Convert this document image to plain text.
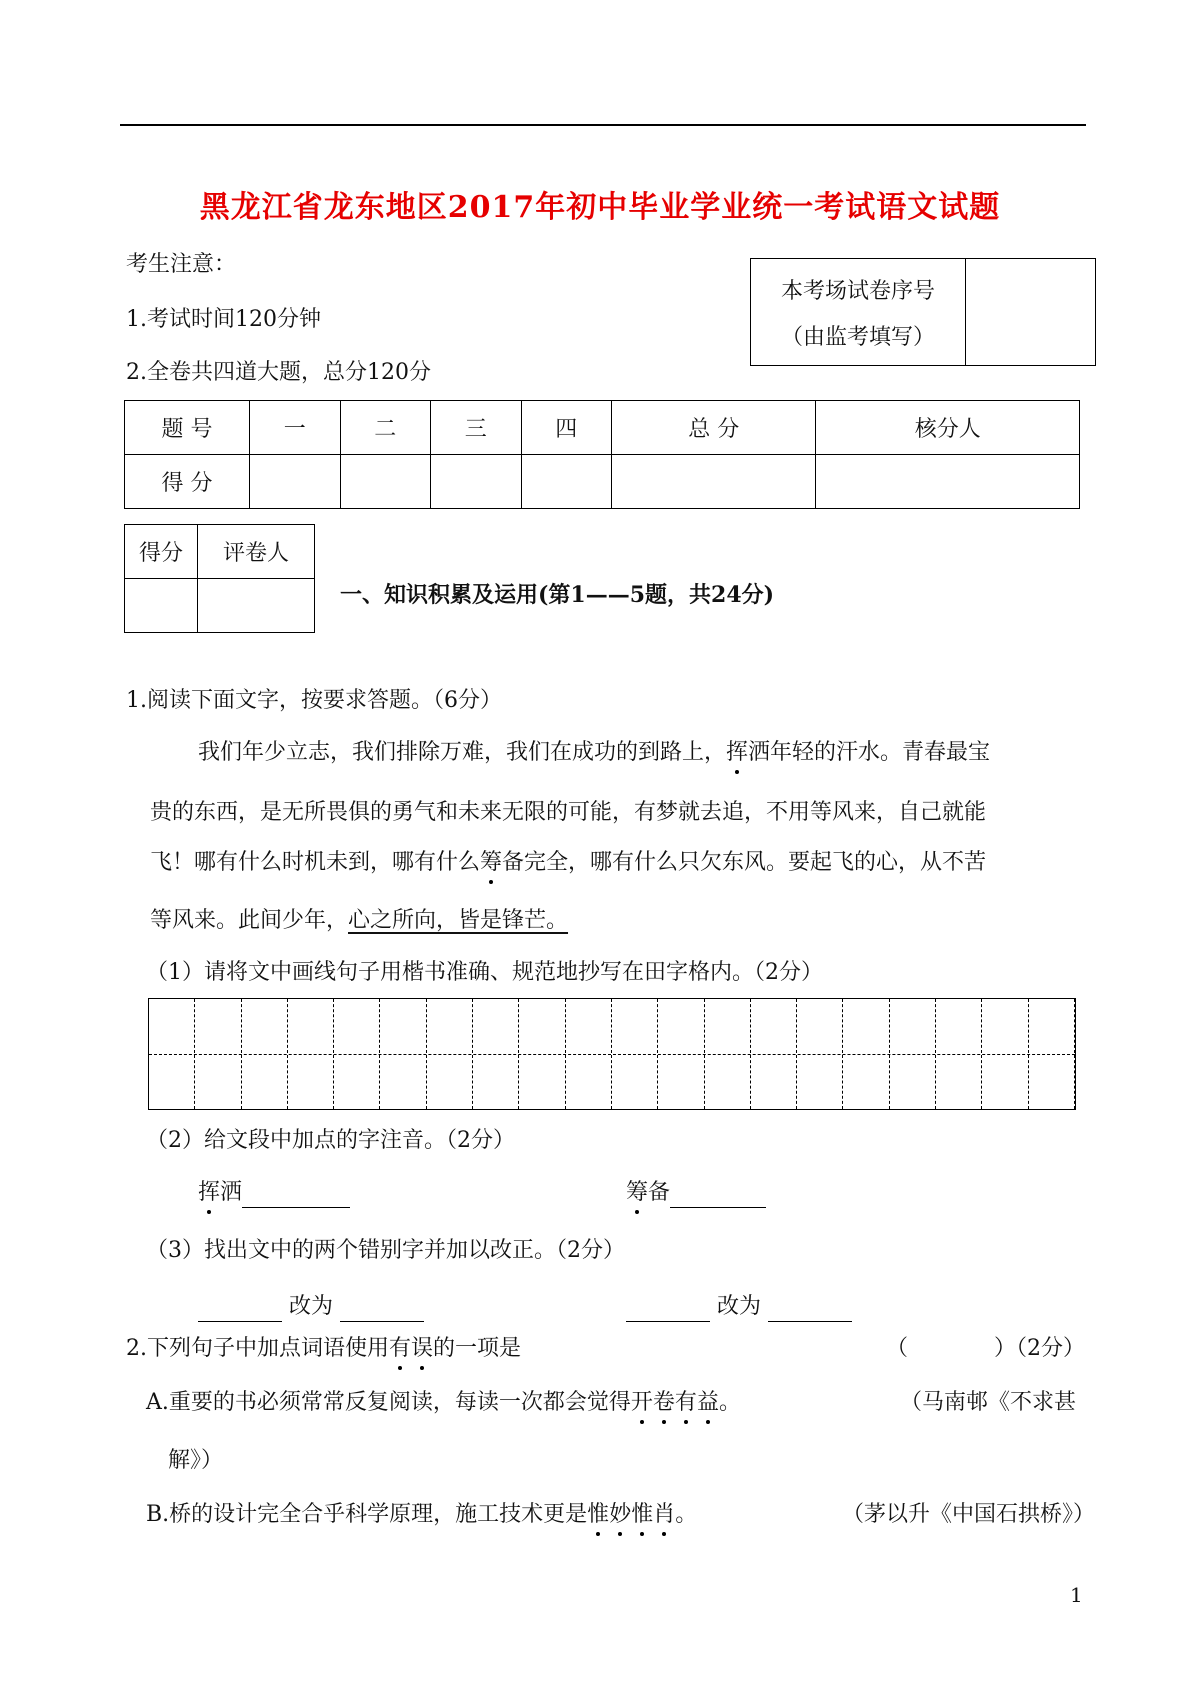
黑龙江省龙东地区2017年初中毕业学业统一考试语文试题
考生注意：
1.考试时间120分钟
2.全卷共四道大题，总分120分
本考场试卷序号
（由监考填写）

题 号	一	二	三	四	总 分	核分人
得 分						
得分	评卷人

一、知识积累及运用(第1——5题，共24分)
1.阅读下面文字，按要求答题。（6分）
我们年少立志，我们排除万难，我们在成功的到路上，挥洒年轻的汗水。青春最宝
贵的东西，是无所畏俱的勇气和未来无限的可能，有梦就去追，不用等风来，自己就能
飞！哪有什么时机未到，哪有什么筹备完全，哪有什么只欠东风。要起飞的心，从不苦
等风来。此间少年，心之所向，皆是锋芒。
（1）请将文中画线句子用楷书准确、规范地抄写在田字格内。（2分）
（2）给文段中加点的字注音。（2分）
挥洒	筹备
（3）找出文中的两个错别字并加以改正。（2分）
改为	改为
2.下列句子中加点词语使用有误的一项是	（	）（2分）
A.重要的书必须常常反复阅读，每读一次都会觉得开卷有益。	（马南邨《不求甚
解》）
B.桥的设计完全合乎科学原理，施工技术更是惟妙惟肖。	（茅以升《中国石拱桥》）
1
